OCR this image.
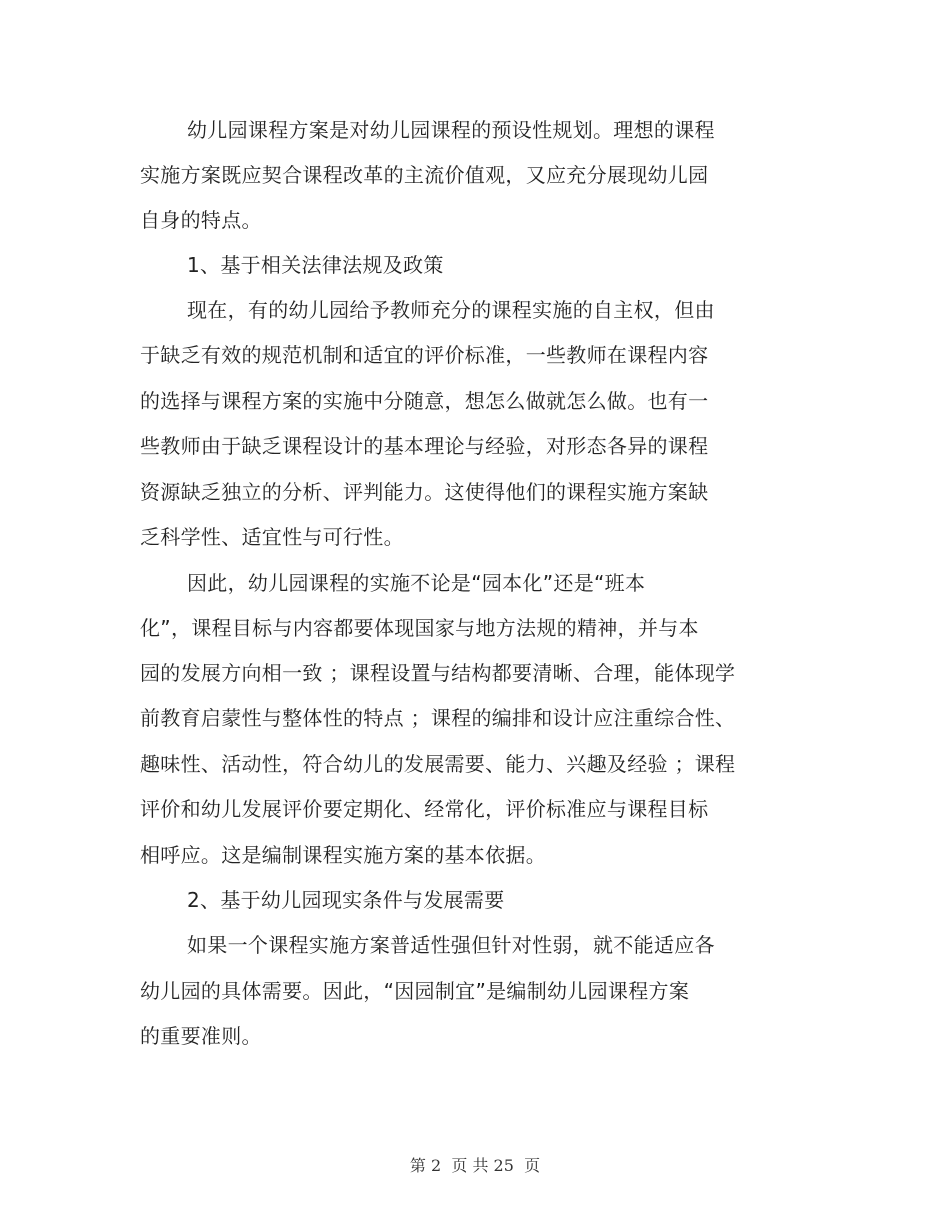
幼儿园课程方案是对幼儿园课程的预设性规划。理想的课程
实施方案既应契合课程改革的主流价值观，又应充分展现幼儿园
自身的特点。
1、基于相关法律法规及政策
现在，有的幼儿园给予教师充分的课程实施的自主权，但由
于缺乏有效的规范机制和适宜的评价标准，一些教师在课程内容
的选择与课程方案的实施中分随意，想怎么做就怎么做。也有一
些教师由于缺乏课程设计的基本理论与经验，对形态各异的课程
资源缺乏独立的分析、评判能力。这使得他们的课程实施方案缺
乏科学性、适宜性与可行性。
因此，幼儿园课程的实施不论是“园本化”还是“班本
化”，课程目标与内容都要体现国家与地方法规的精神，并与本
园的发展方向相一致 ；课程设置与结构都要清晰、合理，能体现学
前教育启蒙性与整体性的特点 ；课程的编排和设计应注重综合性、
趣味性、活动性，符合幼儿的发展需要、能力、兴趣及经验 ；课程
评价和幼儿发展评价要定期化、经常化，评价标准应与课程目标
相呼应。这是编制课程实施方案的基本依据。
2、基于幼儿园现实条件与发展需要
如果一个课程实施方案普适性强但针对性弱，就不能适应各
幼儿园的具体需要。因此，“因园制宜”是编制幼儿园课程方案
的重要准则。
第 2  页 共 25  页
